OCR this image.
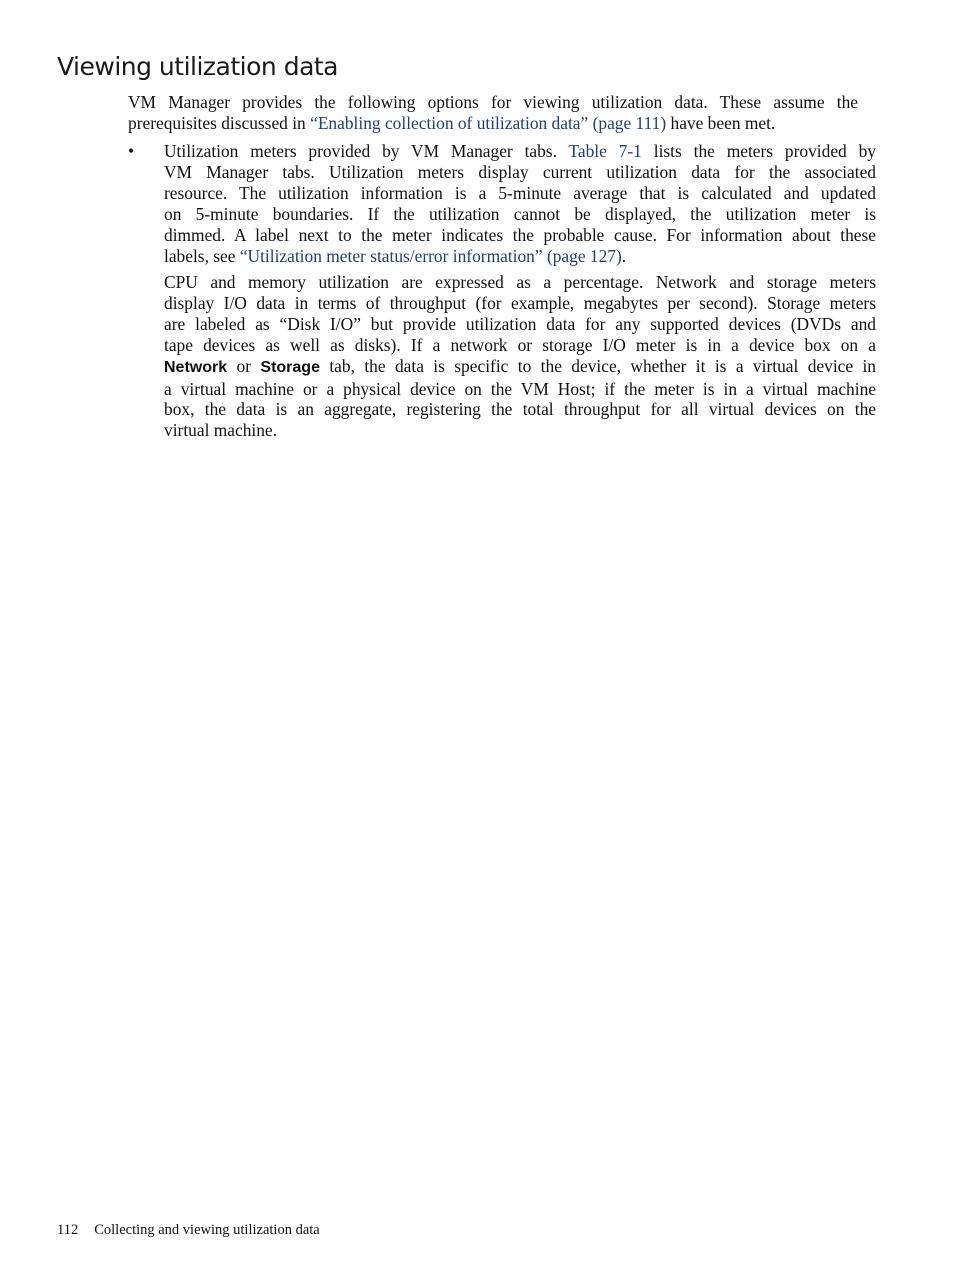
Viewing utilization data
VM Manager provides the following options for viewing utilization data. These assume the
prerequisites discussed in “Enabling collection of utilization data” (page 111) have been met.
• Utilization meters provided by VM Manager tabs. Table 7-1 lists the meters provided by
VM Manager tabs. Utilization meters display current utilization data for the associated
resource. The utilization information is a 5-minute average that is calculated and updated
on 5-minute boundaries. If the utilization cannot be displayed, the utilization meter is
dimmed. A label next to the meter indicates the probable cause. For information about these
labels, see “Utilization meter status/error information” (page 127).
CPU and memory utilization are expressed as a percentage. Network and storage meters
display I/O data in terms of throughput (for example, megabytes per second). Storage meters
are labeled as “Disk I/O” but provide utilization data for any supported devices (DVDs and
tape devices as well as disks). If a network or storage I/O meter is in a device box on a
Network or Storage tab, the data is specific to the device, whether it is a virtual device in
a virtual machine or a physical device on the VM Host; if the meter is in a virtual machine
box, the data is an aggregate, registering the total throughput for all virtual devices on the
virtual machine.
112 Collecting and viewing utilization data
